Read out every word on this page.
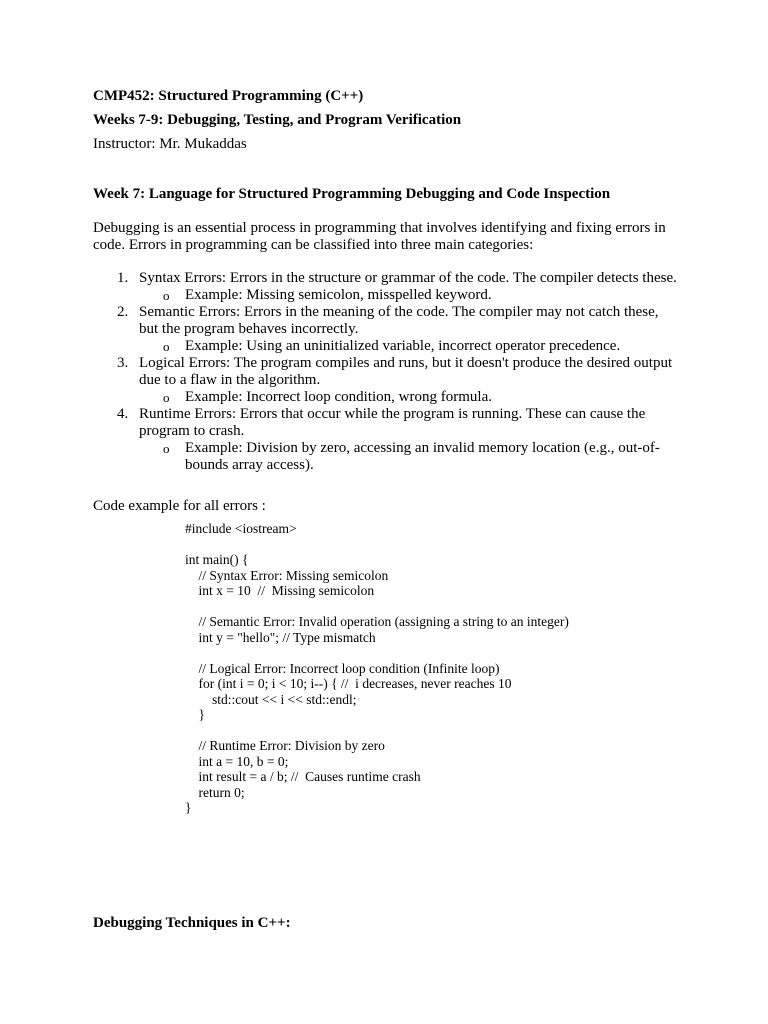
CMP452: Structured Programming (C++)
Weeks 7-9: Debugging, Testing, and Program Verification
Instructor: Mr. Mukaddas
Week 7: Language for Structured Programming Debugging and Code Inspection
Debugging is an essential process in programming that involves identifying and fixing errors in code. Errors in programming can be classified into three main categories:
1. Syntax Errors: Errors in the structure or grammar of the code. The compiler detects these.
o Example: Missing semicolon, misspelled keyword.
2. Semantic Errors: Errors in the meaning of the code. The compiler may not catch these, but the program behaves incorrectly.
o Example: Using an uninitialized variable, incorrect operator precedence.
3. Logical Errors: The program compiles and runs, but it doesn't produce the desired output due to a flaw in the algorithm.
o Example: Incorrect loop condition, wrong formula.
4. Runtime Errors: Errors that occur while the program is running. These can cause the program to crash.
o Example: Division by zero, accessing an invalid memory location (e.g., out-of-bounds array access).
Code example for all errors :
#include <iostream>

int main() {
// Syntax Error: Missing semicolon
int x = 10  //  Missing semicolon

// Semantic Error: Invalid operation (assigning a string to an integer)
int y = "hello"; // Type mismatch

// Logical Error: Incorrect loop condition (Infinite loop)
for (int i = 0; i < 10; i--) { //  i decreases, never reaches 10
std::cout << i << std::endl;
}

// Runtime Error: Division by zero
int a = 10, b = 0;
int result = a / b; //  Causes runtime crash
return 0;
}
Debugging Techniques in C++:
